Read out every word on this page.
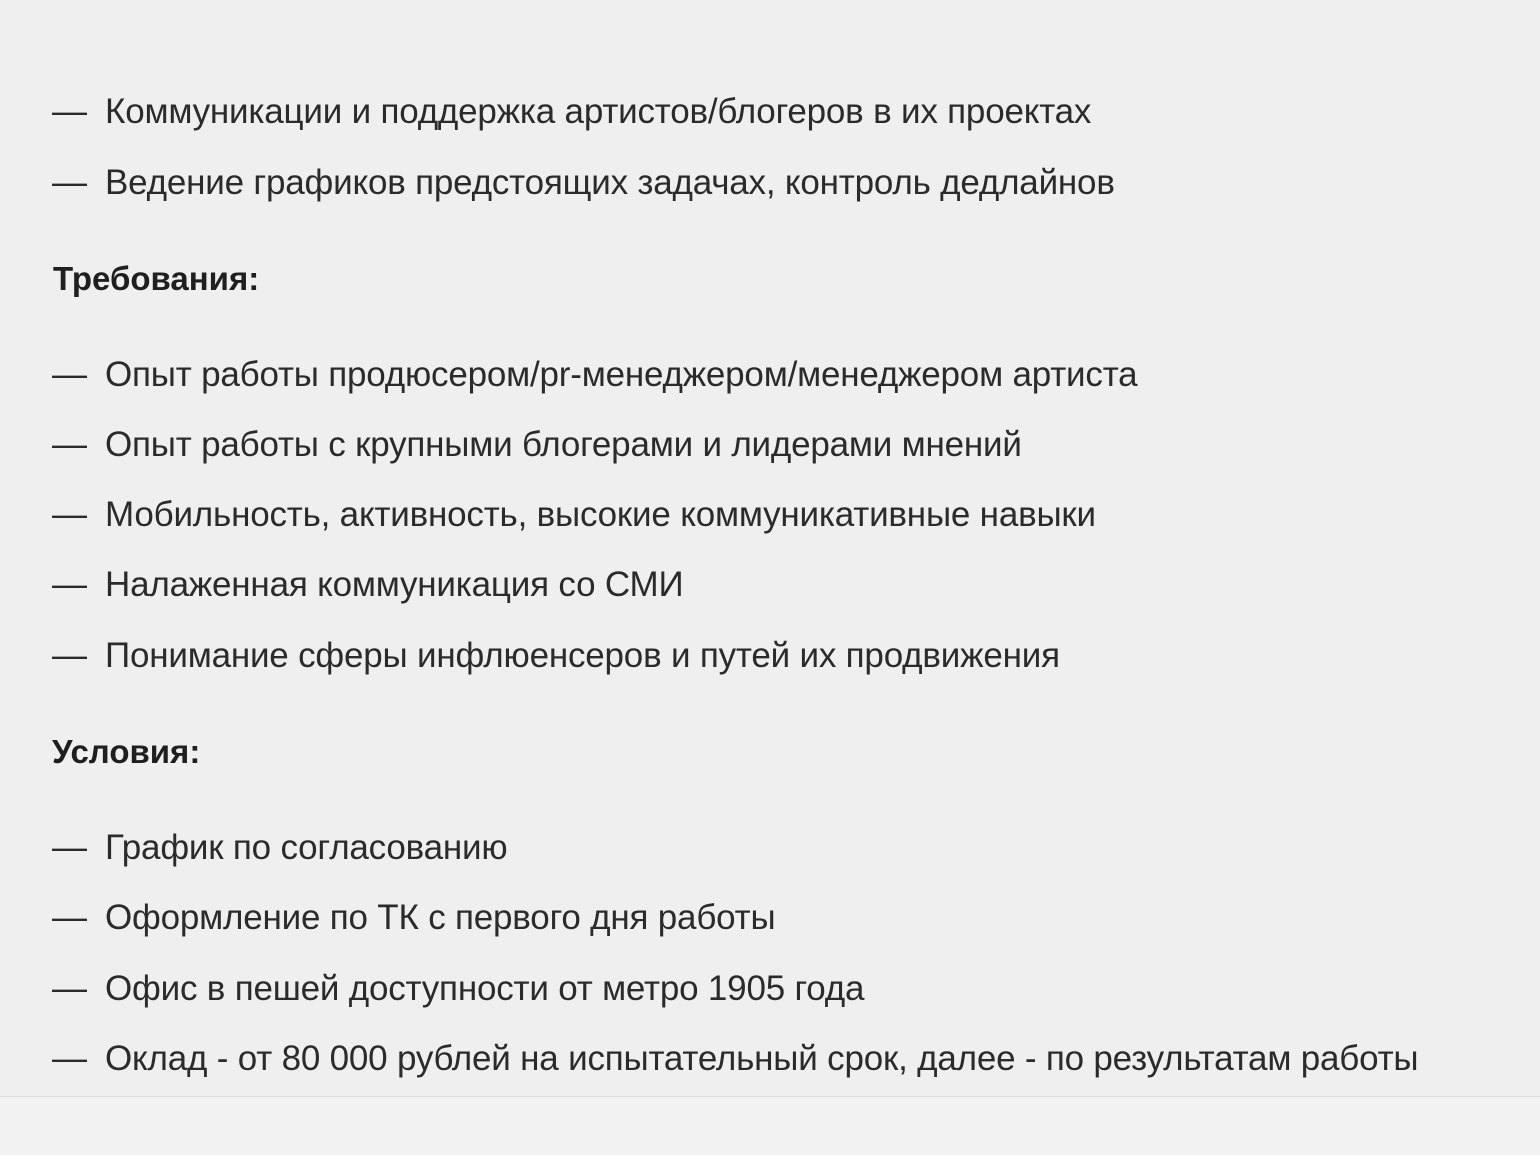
— Коммуникации и поддержка артистов/блогеров в их проектах
— Ведение графиков предстоящих задачах, контроль дедлайнов
Требования:
— Опыт работы продюсером/pr-менеджером/менеджером артиста
— Опыт работы с крупными блогерами и лидерами мнений
— Мобильность, активность, высокие коммуникативные навыки
— Налаженная коммуникация со СМИ
— Понимание сферы инфлюенсеров и путей их продвижения
Условия:
— График по согласованию
— Оформление по ТК с первого дня работы
— Офис в пешей доступности от метро 1905 года
— Оклад - от 80 000 рублей на испытательный срок, далее - по результатам работы
